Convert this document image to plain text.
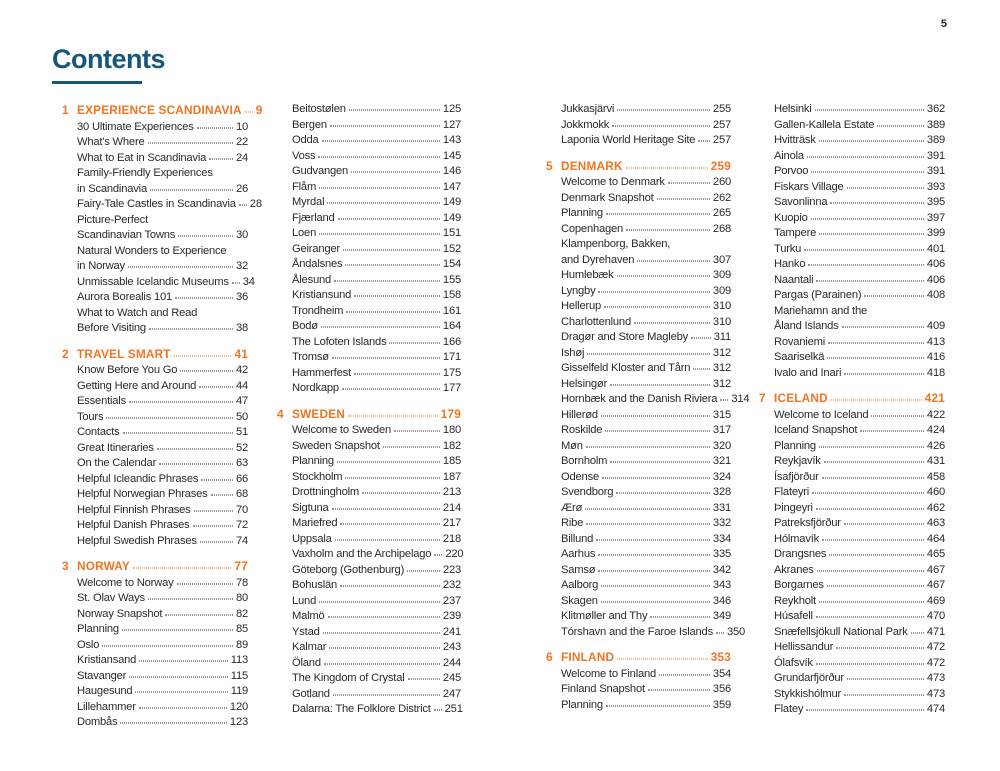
5
Contents
1 EXPERIENCE SCANDINAVIA 9
30 Ultimate Experiences	10
What's Where	22
What to Eat in Scandinavia	24
Family-Friendly Experiences
in Scandinavia	26
Fairy-Tale Castles in Scandinavia 28
Picture-Perfect
Scandinavian Towns	30
Natural Wonders to Experience
in Norway	32
Unmissable Icelandic Museums 34
Aurora Borealis 101	36
What to Watch and Read
Before Visiting	38
2 TRAVEL SMART	41
Know Before You Go	42
Getting Here and Around	44
Essentials	47
Tours	50
Contacts	51
Great Itineraries	52
On the Calendar	63
Helpful Icleandic Phrases	66
Helpful Norwegian Phrases	68
Helpful Finnish Phrases	70
Helpful Danish Phrases	72
Helpful Swedish Phrases	74
3 NORWAY	77
Welcome to Norway	78
St. Olav Ways	80
Norway Snapshot	82
Planning	85
Oslo	89
Kristiansand	113
Stavanger	115
Haugesund	119
Lillehammer	120
Dombås	123
Beitostølen	125
Bergen	127
Odda	143
Voss	145
Gudvangen	146
Flåm	147
Myrdal	149
Fjærland	149
Loen	151
Geiranger	152
Åndalsnes	154
Ålesund	155
Kristiansund	158
Trondheim	161
Bodø	164
The Lofoten Islands	166
Tromsø	171
Hammerfest	175
Nordkapp	177
4 SWEDEN	179
Welcome to Sweden	180
Sweden Snapshot	182
Planning	185
Stockholm	187
Drottningholm	213
Sigtuna	214
Mariefred	217
Uppsala	218
Vaxholm and the Archipelago 220
Göteborg (Gothenburg)	223
Bohuslän	232
Lund	237
Malmö	239
Ystad	241
Kalmar	243
Öland	244
The Kingdom of Crystal	245
Gotland	247
Dalarna: The Folklore District 251
Jukkasjärvi	255
Jokkmokk	257
Laponia World Heritage Site 257
5 DENMARK	259
Welcome to Denmark	260
Denmark Snapshot	262
Planning	265
Copenhagen	268
Klampenborg, Bakken,
and Dyrehaven	307
Humlebæk	309
Lyngby	309
Hellerup	310
Charlottenlund	310
Dragør and Store Magleby 311
Ishøj	312
Gisselfeld Kloster and Tårn 312
Helsingør	312
Hornbæk and the Danish Riviera 314
Hillerød	315
Roskilde	317
Møn	320
Bornholm	321
Odense	324
Svendborg	328
Ærø	331
Ribe	332
Billund	334
Aarhus	335
Samsø	342
Aalborg	343
Skagen	346
Klitmøller and Thy	349
Tórshavn and the Faroe Islands 350
6 FINLAND	353
Welcome to Finland	354
Finland Snapshot	356
Planning	359
Helsinki	362
Gallen-Kallela Estate	389
Hvitträsk	389
Ainola	391
Porvoo	391
Fiskars Village	393
Savonlinna	395
Kuopio	397
Tampere	399
Turku	401
Hanko	406
Naantali	406
Pargas (Parainen)	408
Mariehamn and the
Åland Islands	409
Rovaniemi	413
Saariselkä	416
Ivalo and Inari	418
7 ICELAND	421
Welcome to Iceland	422
Iceland Snapshot	424
Planning	426
Reykjavík	431
Ísafjörður	458
Flateyri	460
Þingeyri	462
Patreksfjörður	463
Hólmavík	464
Drangsnes	465
Akranes	467
Borgarnes	467
Reykholt	469
Húsafell	470
Snæfellsjökull National Park 471
Hellissandur	472
Ólafsvík	472
Grundarfjörður	473
Stykkishólmur	473
Flatey	474
